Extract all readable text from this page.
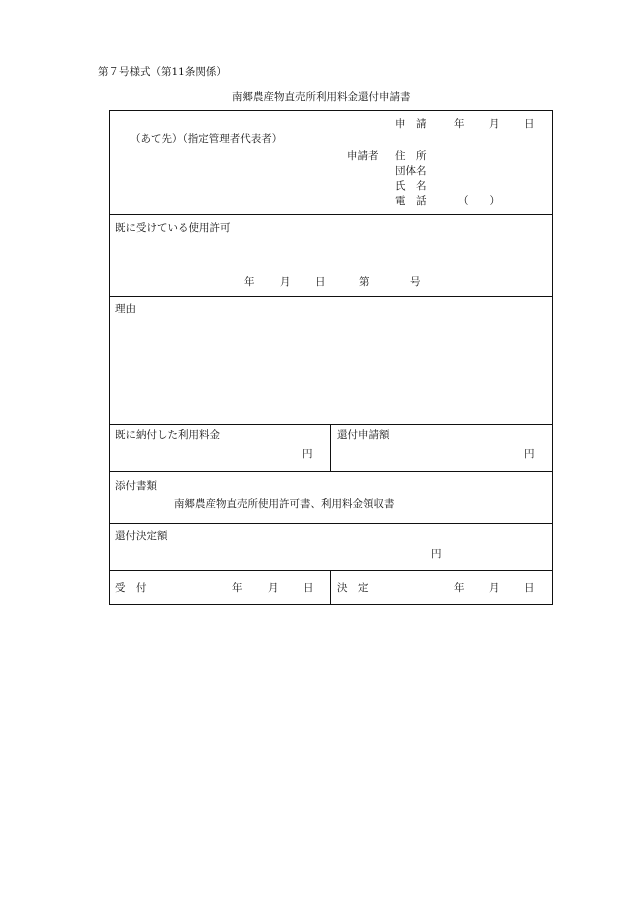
第７号様式（第11条関係）
南郷農産物直売所利用料金還付申請書
申　請	年 月 日
（あて先）（指定管理者代表者）
申請者 住　所
団体名
氏　名
電　話	（　　）
既に受けている使用許可
年 月 日	第	号
理由
既に納付した利用料金
円
還付申請額
円
添付書類
南郷農産物直売所使用許可書、利用料金領収書
還付決定額
円
受　付	年 月 日 決　定	年 月 日
